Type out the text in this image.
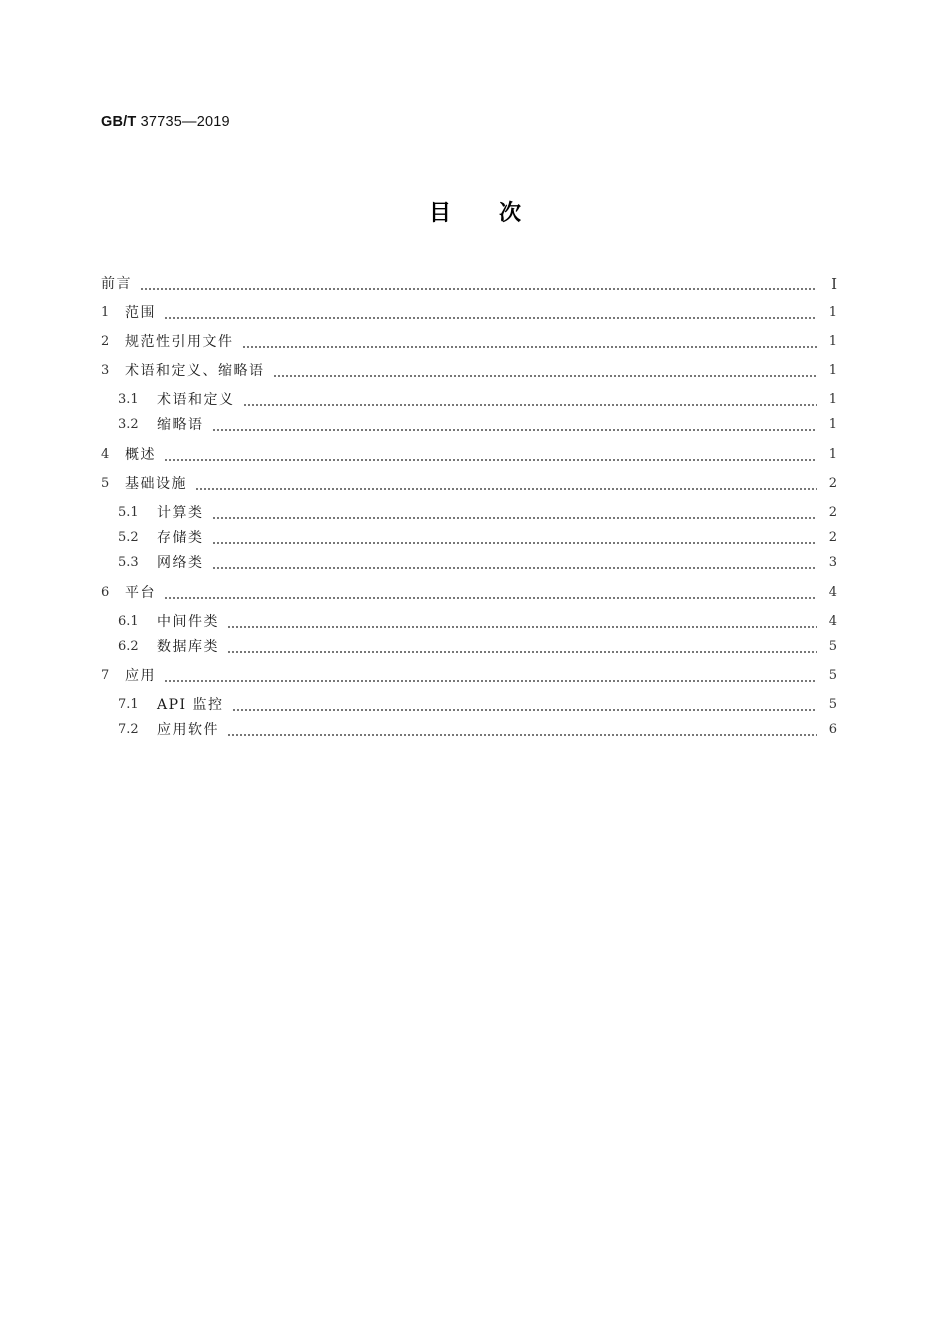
GB/T 37735—2019
目次
前言	I
1	范围	1
2	规范性引用文件	1
3	术语和定义、缩略语	1
3.1	术语和定义	1
3.2	缩略语	1
4	概述	1
5	基础设施	2
5.1	计算类	2
5.2	存储类	2
5.3	网络类	3
6	平台	4
6.1	中间件类	4
6.2	数据库类	5
7	应用	5
7.1	API 监控	5
7.2	应用软件	6
